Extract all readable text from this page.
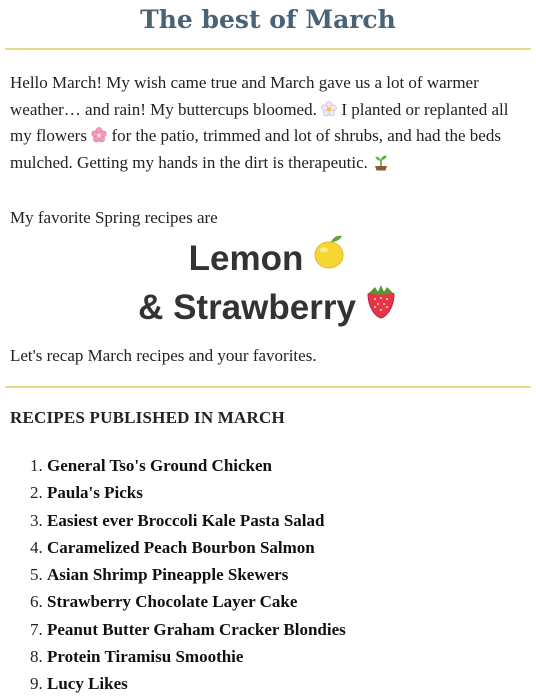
The best of March

Hello March! My wish came true and March gave us a lot of warmer weather… and rain! My buttercups bloomed.  I planted or replanted all my flowers  for the patio, trimmed and lot of shrubs, and had the beds mulched. Getting my hands in the dirt is therapeutic.

My favorite Spring recipes are

Lemon
& Strawberry

Let's recap March recipes and your favorites.

RECIPES PUBLISHED IN MARCH
1. General Tso's Ground Chicken
2. Paula's Picks
3. Easiest ever Broccoli Kale Pasta Salad
4. Caramelized Peach Bourbon Salmon
5. Asian Shrimp Pineapple Skewers
6. Strawberry Chocolate Layer Cake
7. Peanut Butter Graham Cracker Blondies
8. Protein Tiramisu Smoothie
9. Lucy Likes
